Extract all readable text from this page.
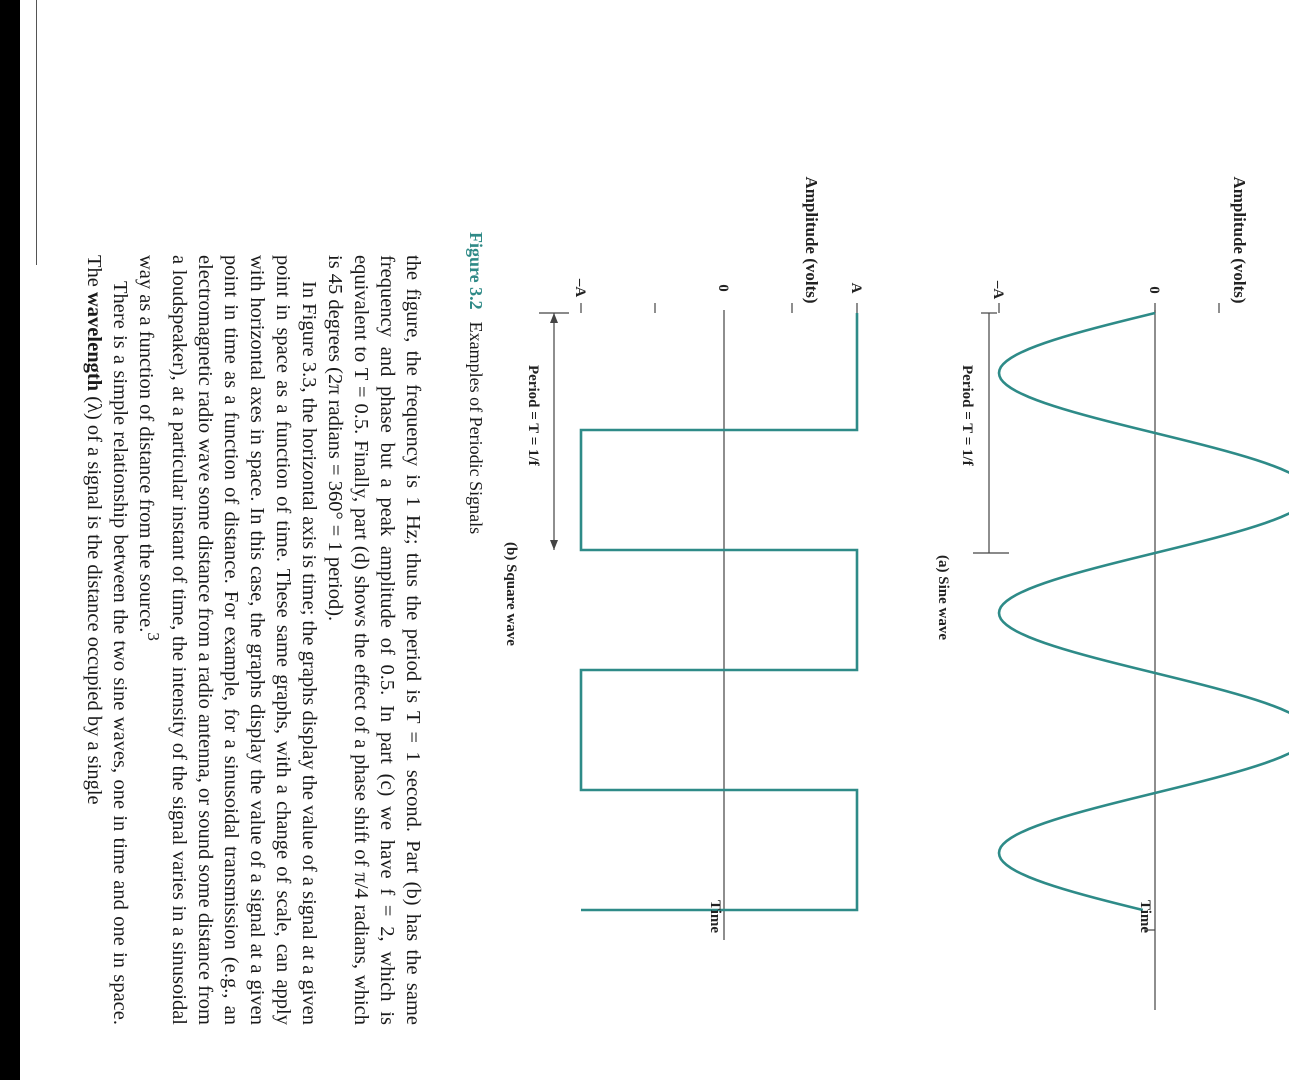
Amplitude (volts)
0
–A
Period = T = 1/f
(a) Sine wave
Time
Amplitude (volts) A
0
–A
Period = T = 1/f
(b) Square wave
Time
Figure 3.2Examples of Periodic Signals

the figure, the frequency is 1 Hz; thus the period is T = 1 second. Part (b) has the same frequency and phase but a peak amplitude of 0.5. In part (c) we have f = 2, which is equivalent to T = 0.5. Finally, part (d) shows the effect of a phase shift of π/4 radians, which is 45 degrees (2π radians = 360° = 1 period).

In Figure 3.3, the horizontal axis is time; the graphs display the value of a signal at a given point in space as a function of time. These same graphs, with a change of scale, can apply with horizontal axes in space. In this case, the graphs display the value of a signal at a given point in time as a function of distance. For example, for a sinusoidal transmission (e.g., an electromagnetic radio wave some distance from a radio antenna, or sound some distance from a loudspeaker), at a particular instant of time, the intensity of the signal varies in a sinusoidal way as a function of distance from the source.$^3$

There is a simple relationship between the two sine waves, one in time and one in space. The wavelength (λ) of a signal is the distance occupied by a single
